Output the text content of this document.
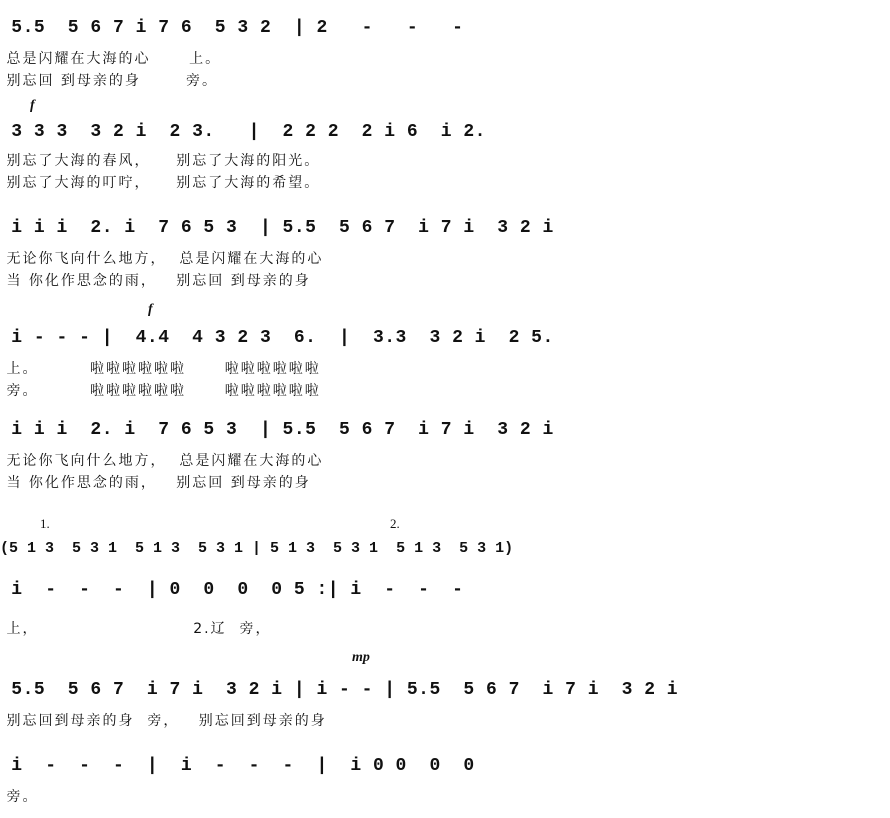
5.5  5 6 7 i 7 6  5 3 2  | 2   -   -   -
总是闪耀在大海的心      上。
别忘回 到母亲的身       旁。
f
3 3 3  3 2 i  2 3.   |  2 2 2  2 i 6  i 2.
别忘了大海的春风，    别忘了大海的阳光。
别忘了大海的叮咛，    别忘了大海的希望。
i i i  2. i  7 6 5 3  | 5.5  5 6 7  i 7 i  3 2 i
无论你飞向什么地方，  总是闪耀在大海的心
当 你化作思念的雨，   别忘回 到母亲的身
f
i - - - |  4.4  4 3 2 3  6.  |  3.3  3 2 i  2 5.
上。        啦啦啦啦啦啦      啦啦啦啦啦啦
旁。        啦啦啦啦啦啦      啦啦啦啦啦啦
i i i  2. i  7 6 5 3  | 5.5  5 6 7  i 7 i  3 2 i
无论你飞向什么地方，  总是闪耀在大海的心
当 你化作思念的雨，   别忘回 到母亲的身
1.	2.
(5 1 3  5 3 1  5 1 3  5 3 1 | 5 1 3  5 3 1  5 1 3  5 3 1)
i  -  -  -  | 0  0  0  0 5 :| i  -  -  -
上，                        2.辽  旁，
mp
5.5  5 6 7  i 7 i  3 2 i | i - - | 5.5  5 6 7  i 7 i  3 2 i
别忘回到母亲的身  旁，   别忘回到母亲的身
i  -  -  -  |  i  -  -  -  |  i 0 0  0  0
旁。
